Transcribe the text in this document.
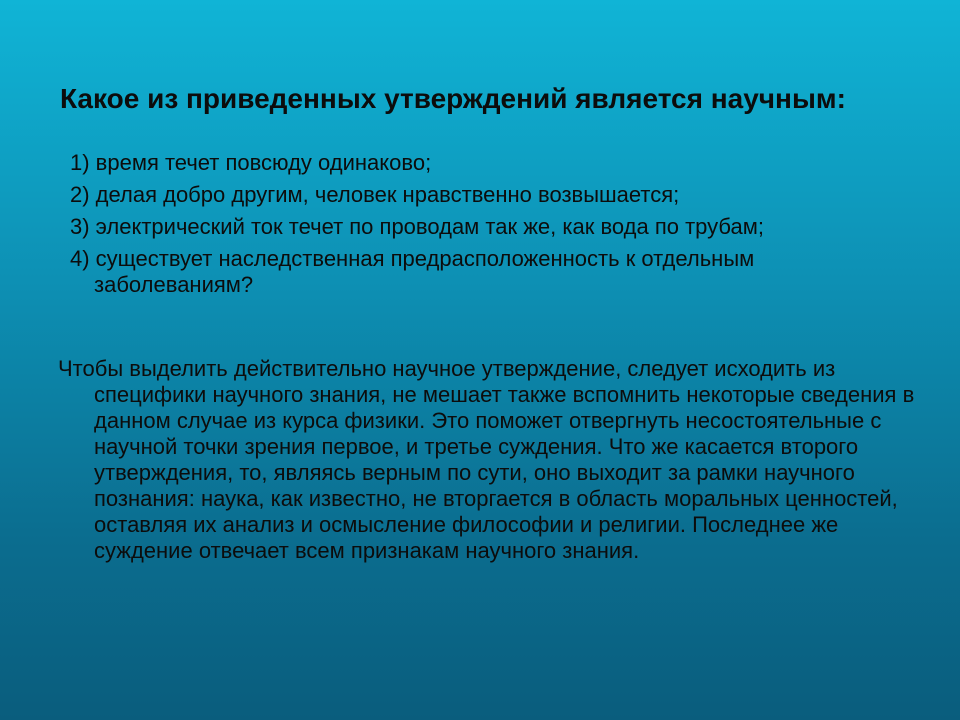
Какое из приведенных утверждений является научным:
1) время течет повсюду одинаково;
2) делая добро другим, человек нравственно возвышается;
3) электрический ток течет по проводам так же, как вода по трубам;
4) существует наследственная предрасположенность к отдельным заболеваниям?
Чтобы выделить действительно научное утверждение, следует исходить из специфики научного знания, не мешает также вспомнить некоторые сведения в данном случае из курса физики. Это поможет отвергнуть несостоятельные с научной точки зрения первое, и третье суждения. Что же касается второго утверждения, то, являясь верным по сути, оно выходит за рамки научного познания: наука, как известно, не вторгается в область моральных ценностей, оставляя их анализ и осмысление философии и религии. Последнее же суждение отвечает всем признакам научного знания.
